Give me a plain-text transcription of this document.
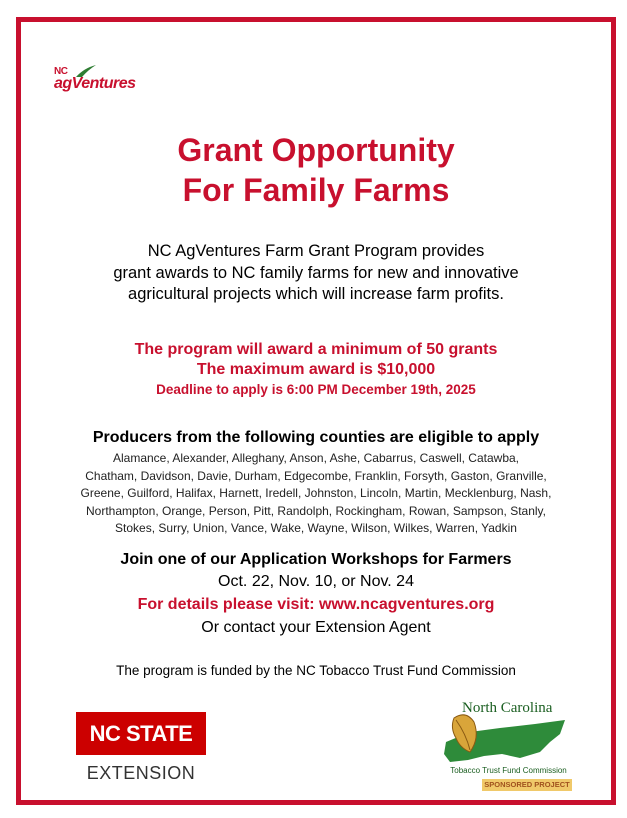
NC
agVentures
Grant Opportunity
For Family Farms
NC AgVentures Farm Grant Program provides
grant awards to NC family farms for new and innovative
agricultural projects which will increase farm profits.
The program will award a minimum of 50 grants
The maximum award is $10,000
Deadline to apply is 6:00 PM December 19th, 2025
Producers from the following counties are eligible to apply
Alamance, Alexander, Alleghany, Anson, Ashe, Cabarrus, Caswell, Catawba,
Chatham, Davidson, Davie, Durham, Edgecombe, Franklin, Forsyth, Gaston, Granville,
Greene, Guilford, Halifax, Harnett, Iredell, Johnston, Lincoln, Martin, Mecklenburg, Nash,
Northampton, Orange, Person, Pitt, Randolph, Rockingham, Rowan, Sampson, Stanly,
Stokes, Surry, Union, Vance, Wake, Wayne, Wilson, Wilkes, Warren, Yadkin
Join one of our Application Workshops for Farmers
Oct. 22, Nov. 10, or Nov. 24
For details please visit: www.ncagventures.org
Or contact your Extension Agent
The program is funded by the NC Tobacco Trust Fund Commission
NC STATE
EXTENSION
North Carolina
Tobacco Trust Fund Commission
SPONSORED PROJECT
